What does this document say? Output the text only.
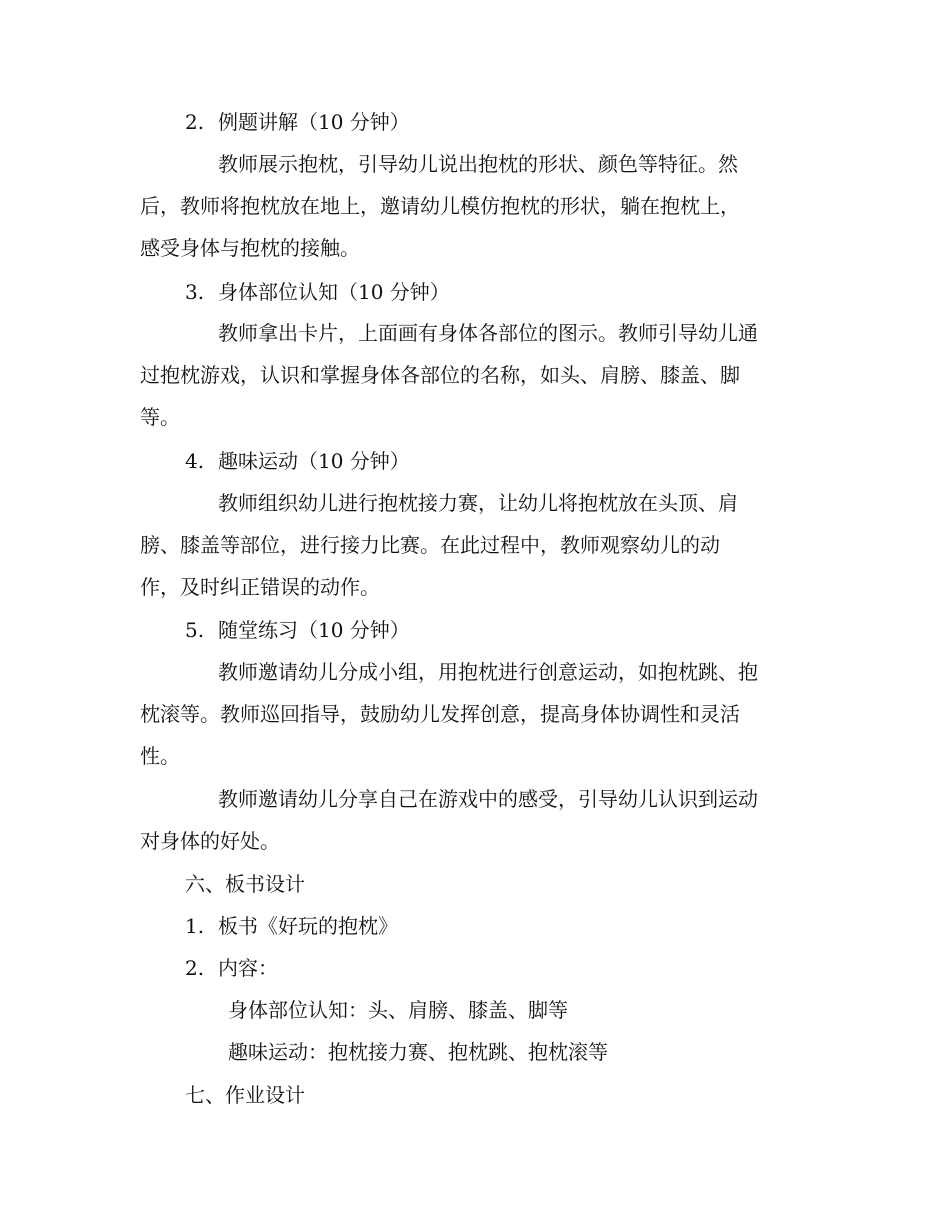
2. 例题讲解（10 分钟）
教师展示抱枕，引导幼儿说出抱枕的形状、颜色等特征。然
后，教师将抱枕放在地上，邀请幼儿模仿抱枕的形状，躺在抱枕上，
感受身体与抱枕的接触。
3. 身体部位认知（10 分钟）
教师拿出卡片，上面画有身体各部位的图示。教师引导幼儿通
过抱枕游戏，认识和掌握身体各部位的名称，如头、肩膀、膝盖、脚
等。
4. 趣味运动（10 分钟）
教师组织幼儿进行抱枕接力赛，让幼儿将抱枕放在头顶、肩
膀、膝盖等部位，进行接力比赛。在此过程中，教师观察幼儿的动
作，及时纠正错误的动作。
5. 随堂练习（10 分钟）
教师邀请幼儿分成小组，用抱枕进行创意运动，如抱枕跳、抱
枕滚等。教师巡回指导，鼓励幼儿发挥创意，提高身体协调性和灵活
性。
教师邀请幼儿分享自己在游戏中的感受，引导幼儿认识到运动
对身体的好处。
六、板书设计
1. 板书《好玩的抱枕》
2. 内容：
身体部位认知：头、肩膀、膝盖、脚等
趣味运动：抱枕接力赛、抱枕跳、抱枕滚等
七、作业设计
